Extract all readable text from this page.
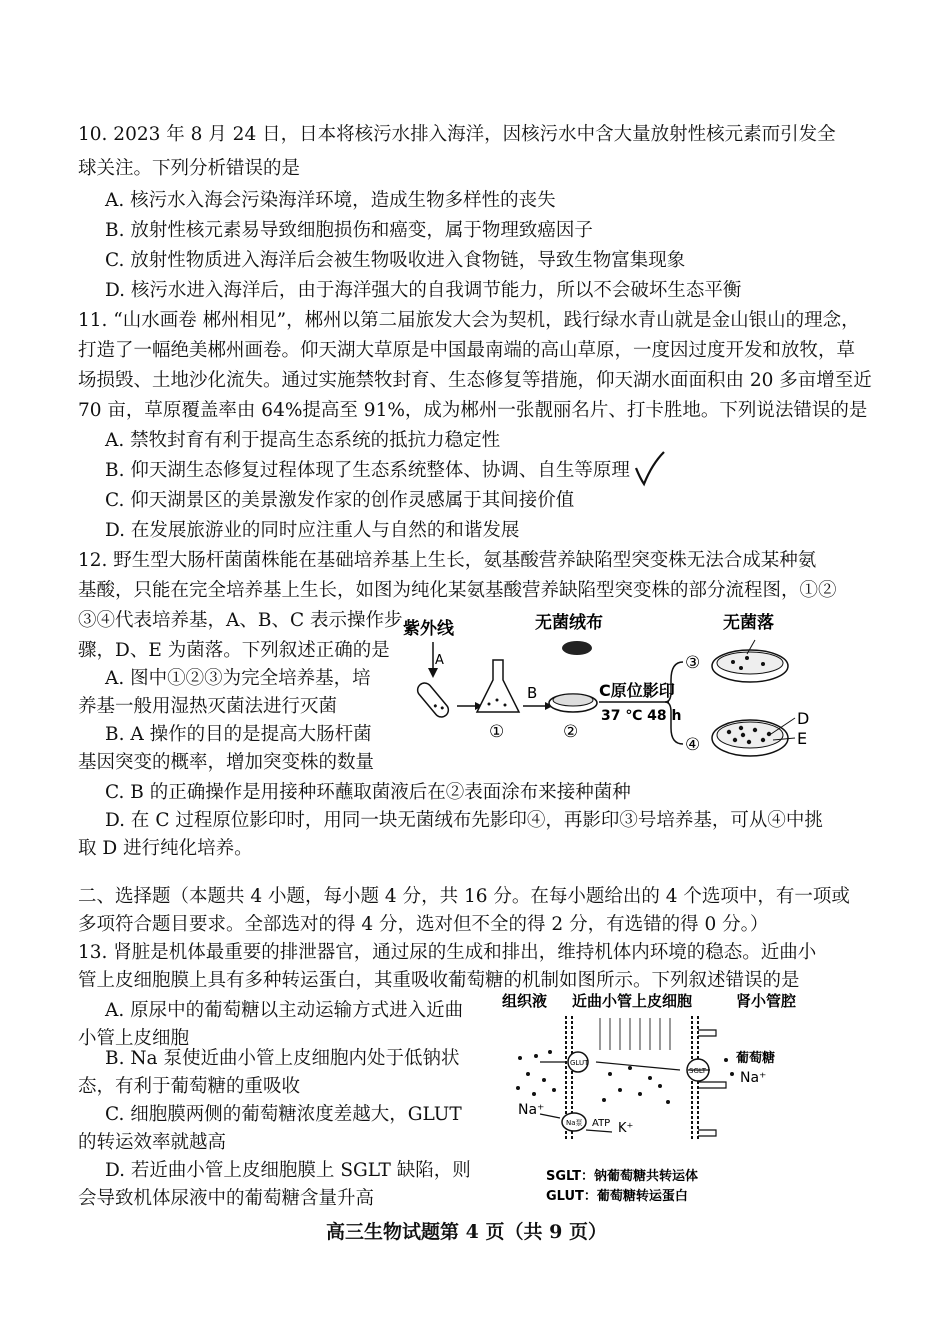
10. 2023 年 8 月 24 日，日本将核污水排入海洋，因核污水中含大量放射性核元素而引发全
球关注。下列分析错误的是
A. 核污水入海会污染海洋环境，造成生物多样性的丧失
B. 放射性核元素易导致细胞损伤和癌变，属于物理致癌因子
C. 放射性物质进入海洋后会被生物吸收进入食物链，导致生物富集现象
D. 核污水进入海洋后，由于海洋强大的自我调节能力，所以不会破坏生态平衡
11. “山水画卷 郴州相见”，郴州以第二届旅发大会为契机，践行绿水青山就是金山银山的理念，
打造了一幅绝美郴州画卷。仰天湖大草原是中国最南端的高山草原，一度因过度开发和放牧，草
场损毁、土地沙化流失。通过实施禁牧封育、生态修复等措施，仰天湖水面面积由 20 多亩增至近
70 亩，草原覆盖率由 64%提高至 91%，成为郴州一张靓丽名片、打卡胜地。下列说法错误的是
A. 禁牧封育有利于提高生态系统的抵抗力稳定性
B. 仰天湖生态修复过程体现了生态系统整体、协调、自生等原理
C. 仰天湖景区的美景激发作家的创作灵感属于其间接价值
D. 在发展旅游业的同时应注重人与自然的和谐发展
12. 野生型大肠杆菌菌株能在基础培养基上生长，氨基酸营养缺陷型突变株无法合成某种氨
基酸，只能在完全培养基上生长，如图为纯化某氨基酸营养缺陷型突变株的部分流程图，①②
③④代表培养基，A、B、C 表示操作步
骤，D、E 为菌落。下列叙述正确的是
A. 图中①②③为完全培养基，培
养基一般用湿热灭菌法进行灭菌
B. A 操作的目的是提高大肠杆菌
基因突变的概率，增加突变株的数量
C. B 的正确操作是用接种环蘸取菌液后在②表面涂布来接种菌种
D. 在 C 过程原位影印时，用同一块无菌绒布先影印④，再影印③号培养基，可从④中挑
取 D 进行纯化培养。
紫外线
A
①
B
无菌绒布
②
C原位影印
37 ℃ 48 h
③
④
无菌落
D
E
二、选择题（本题共 4 小题，每小题 4 分，共 16 分。在每小题给出的 4 个选项中，有一项或
多项符合题目要求。全部选对的得 4 分，选对但不全的得 2 分，有选错的得 0 分。）
13. 肾脏是机体最重要的排泄器官，通过尿的生成和排出，维持机体内环境的稳态。近曲小
管上皮细胞膜上具有多种转运蛋白，其重吸收葡萄糖的机制如图所示。下列叙述错误的是
A. 原尿中的葡萄糖以主动运输方式进入近曲
小管上皮细胞
B. Na 泵使近曲小管上皮细胞内处于低钠状
态，有利于葡萄糖的重吸收
C. 细胞膜两侧的葡萄糖浓度差越大，GLUT
的转运效率就越高
D. 若近曲小管上皮细胞膜上 SGLT 缺陷，则
会导致机体尿液中的葡萄糖含量升高
组织液 近曲小管上皮细胞	肾小管腔
GLUT
SGLT
Na泵 ATP K⁺
Na⁺
葡萄糖
Na⁺
SGLT：钠葡萄糖共转运体
GLUT：葡萄糖转运蛋白
高三生物试题第 4 页（共 9 页）
